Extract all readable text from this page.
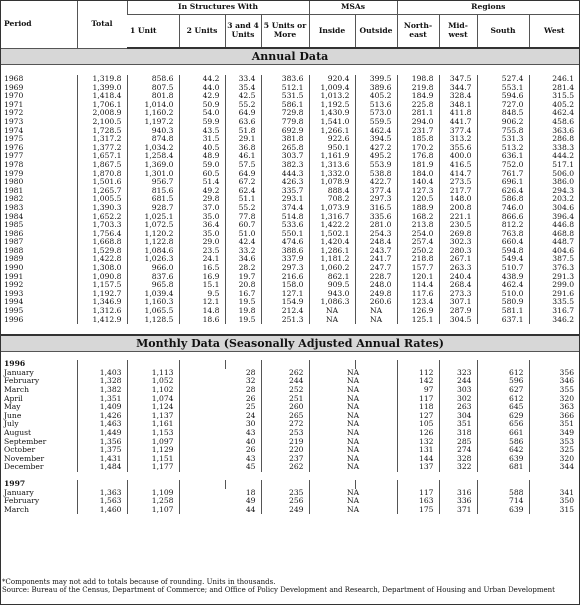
Period	Total	In Structures With				MSAs		Regions			
		1 Unit	2 Units	3 and 4 Units	5 Units or More	Inside	Outside	North-east	Mid-west	South	West
Annual Data											

1968	1,319.8	858.6	44.2	33.4	383.6	920.4	399.5	198.8	347.5	527.4	246.1
1969	1,399.0	807.5	44.0	35.4	512.1	1,009.4	389.6	219.8	344.7	553.1	281.4
1970	1,418.4	801.8	42.9	42.5	531.5	1,013.2	405.2	184.9	328.4	594.6	315.5
1971	1,706.1	1,014.0	50.9	55.2	586.1	1,192.5	513.6	225.8	348.1	727.0	405.2
1972	2,008.9	1,160.2	54.0	64.9	729.8	1,430.9	573.0	281.1	411.8	848.5	462.4
1973	2,100.5	1,197.2	59.9	63.6	779.8	1,541.0	559.5	294.0	441.7	906.2	458.6
1974	1,728.5	940.3	43.5	51.8	692.9	1,266.1	462.4	231.7	377.4	755.8	363.6
1975	1,317.2	874.8	31.5	29.1	381.8	922.6	394.5	185.8	313.2	531.3	286.8
1976	1,377.2	1,034.2	40.5	36.8	265.8	950.1	427.2	170.2	355.6	513.2	338.3
1977	1,657.1	1,258.4	48.9	46.1	303.7	1,161.9	495.2	176.8	400.0	636.1	444.2
1978	1,867.5	1,369.0	59.0	57.5	382.3	1,313.6	553.9	181.9	416.5	752.0	517.1
1979	1,870.8	1,301.0	60.5	64.9	444.3	1,332.0	538.8	184.0	414.7	761.7	506.0
1980	1,501.6	956.7	51.4	67.2	426.3	1,078.9	422.7	140.4	273.5	696.1	386.0
1981	1,265.7	815.6	49.2	62.4	335.7	888.4	377.4	127.3	217.7	626.4	294.3
1982	1,005.5	681.5	29.8	51.1	293.1	708.2	297.3	120.5	148.0	586.8	203.2
1983	1,390.3	928.7	37.0	55.2	374.4	1,073.9	316.5	188.9	200.8	746.0	304.6
1984	1,652.2	1,025.1	35.0	77.8	514.8	1,316.7	335.6	168.2	221.1	866.6	396.4
1985	1,703.3	1,072.5	36.4	60.7	533.6	1,422.2	281.0	213.8	230.5	812.2	446.8
1986	1,756.4	1,120.2	35.0	51.0	550.1	1,502.1	254.3	254.0	269.8	763.8	468.8
1987	1,668.8	1,122.8	29.0	42.4	474.6	1,420.4	248.4	257.4	302.3	660.4	448.7
1988	1,529.8	1,084.6	23.5	33.2	388.6	1,286.1	243.7	250.2	280.3	594.8	404.6
1989	1,422.8	1,026.3	24.1	34.6	337.9	1,181.2	241.7	218.8	267.1	549.4	387.5
1990	1,308.0	966.0	16.5	28.2	297.3	1,060.2	247.7	157.7	263.3	510.7	376.3
1991	1,090.8	837.6	16.9	19.7	216.6	862.1	228.7	120.1	240.4	438.9	291.3
1992	1,157.5	965.8	15.1	20.8	158.0	909.5	248.0	114.4	268.4	462.4	299.0
1993	1,192.7	1,039.4	9.5	16.7	127.1	943.0	249.8	117.6	273.3	510.0	291.6
1994	1,346.9	1,160.3	12.1	19.5	154.9	1,086.3	260.6	123.4	307.1	580.9	335.5
1995	1,312.6	1,065.5	14.8	19.8	212.4	NA	NA	126.9	287.9	581.1	316.7
1996	1,412.9	1,128.5	18.6	19.5	251.3	NA	NA	125.1	304.5	637.1	346.2

Monthly Data (Seasonally Adjusted Annual Rates)											

1996											
January	1,403	1,113	28		262	NA		112	323	612	356
February	1,328	1,052	32		244	NA		142	244	596	346
March	1,382	1,102	28		252	NA		97	303	627	355
April	1,351	1,074	26		251	NA		117	302	612	320
May	1,409	1,124	25		260	NA		118	263	645	363
June	1,426	1,137	24		265	NA		127	304	629	366
July	1,463	1,161	30		272	NA		105	351	656	351
August	1,449	1,153	43		253	NA		126	318	661	349
September	1,356	1,097	40		219	NA		132	285	586	353
October	1,375	1,129	26		220	NA		131	274	642	325
November	1,431	1,151	43		237	NA		144	328	639	320
December	1,484	1,177	45		262	NA		137	322	681	344

1997											
January	1,363	1,109	18		235	NA		117	316	588	341
February	1,563	1,258	49		256	NA		163	336	714	350
March	1,460	1,107	44		249	NA		175	371	639	315

*Components may not add to totals because of rounding. Units in thousands.
Source: Bureau of the Census, Department of Commerce; and Office of Policy Development and Research, Department of Housing and Urban Development
